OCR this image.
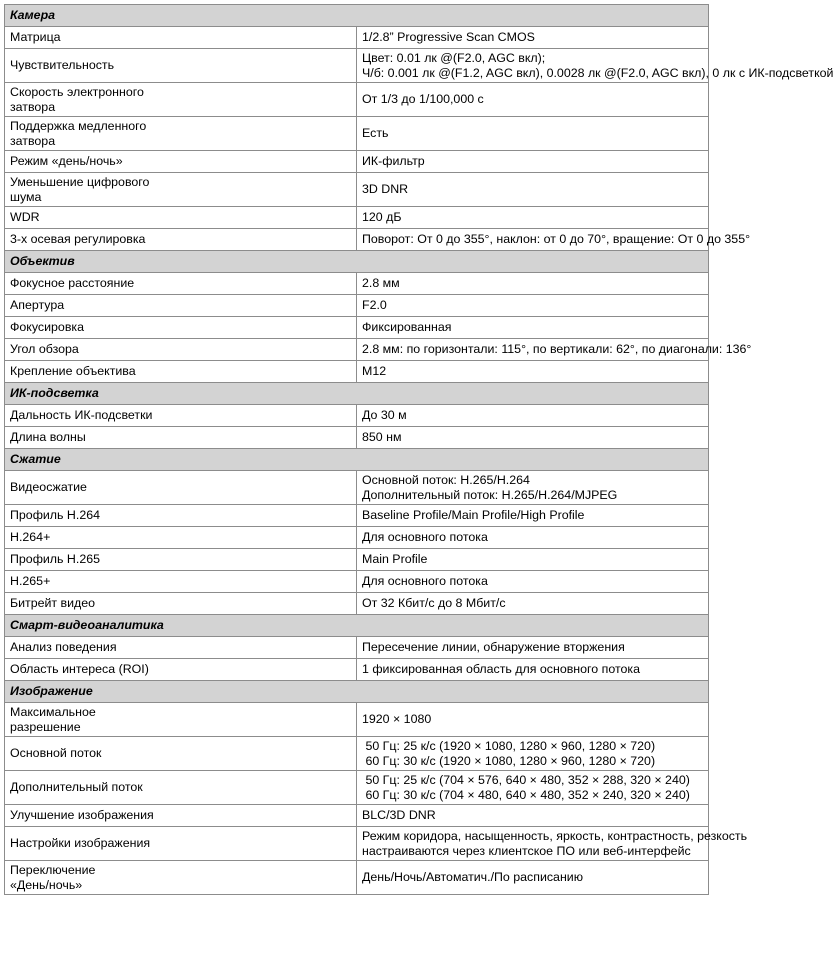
Камера	

Матрица	1/2.8” Progressive Scan CMOS

Чувствительность	Цвет: 0.01 лк @(F2.0, AGC вкл);
Ч/б: 0.001 лк @(F1.2, AGC вкл), 0.0028 лк @(F2.0, AGC вкл), 0 лк с ИК-подсветкой

Скорость электронного
затвора	От 1/3 до 1/100,000 с

Поддержка медленного
затвора	Есть

Режим «день/ночь»	ИК-фильтр

Уменьшение цифрового
шума	3D DNR

WDR	120 дБ

3-х осевая регулировка	Поворот: От 0 до 355°, наклон: от 0 до 70°, вращение: От 0 до 355°

Объектив	

Фокусное расстояние	2.8 мм

Апертура	F2.0

Фокусировка	Фиксированная

Угол обзора	2.8 мм: по горизонтали: 115°, по вертикали: 62°, по диагонали: 136°

Крепление объектива	M12

ИК-подсветка	

Дальность ИК-подсветки	До 30 м

Длина волны	850 нм

Сжатие	

Видеосжатие	Основной поток: H.265/H.264
Дополнительный поток: H.265/H.264/MJPEG

Профиль H.264	Baseline Profile/Main Profile/High Profile

H.264+	Для основного потока

Профиль H.265	Main Profile

H.265+	Для основного потока

Битрейт видео	От 32 Кбит/с до 8 Мбит/с

Смарт-видеоаналитика	

Анализ поведения	Пересечение линии, обнаружение вторжения

Область интереса (ROI)	1 фиксированная область для основного потока

Изображение	

Максимальное
разрешение	1920 × 1080

Основной поток	50 Гц: 25 к/с (1920 × 1080, 1280 × 960, 1280 × 720)
60 Гц: 30 к/с (1920 × 1080, 1280 × 960, 1280 × 720)

Дополнительный поток	50 Гц: 25 к/с (704 × 576, 640 × 480, 352 × 288, 320 × 240)
60 Гц: 30 к/с (704 × 480, 640 × 480, 352 × 240, 320 × 240)

Улучшение изображения	BLC/3D DNR

Настройки изображения	Режим коридора, насыщенность, яркость, контрастность, резкость
настраиваются через клиентское ПО или веб-интерфейс

Переключение
«День/ночь»	День/Ночь/Автоматич./По расписанию
